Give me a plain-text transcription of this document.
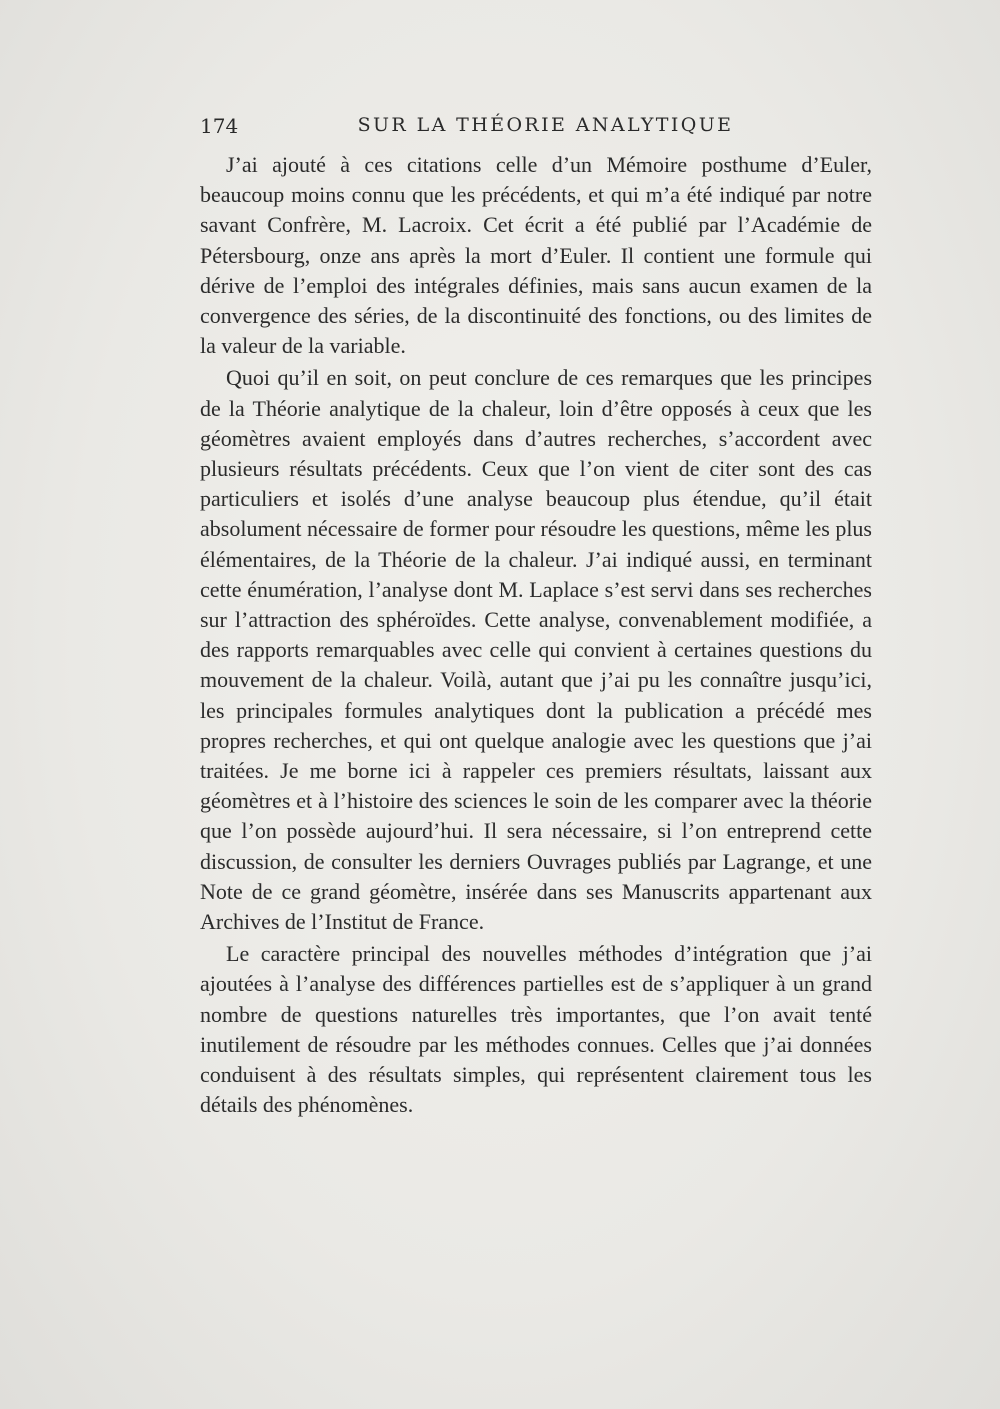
174	SUR LA THÉORIE ANALYTIQUE

J’ai ajouté à ces citations celle d’un Mémoire posthume d’Euler, beaucoup moins connu que les précédents, et qui m’a été indiqué par notre savant Confrère, M. Lacroix. Cet écrit a été publié par l’Académie de Pétersbourg, onze ans après la mort d’Euler. Il contient une formule qui dérive de l’emploi des intégrales définies, mais sans aucun examen de la convergence des séries, de la discontinuité des fonctions, ou des limites de la valeur de la variable.

Quoi qu’il en soit, on peut conclure de ces remarques que les principes de la Théorie analytique de la chaleur, loin d’être opposés à ceux que les géomètres avaient employés dans d’autres recherches, s’accordent avec plusieurs résultats précédents. Ceux que l’on vient de citer sont des cas particuliers et isolés d’une analyse beaucoup plus étendue, qu’il était absolument nécessaire de former pour résoudre les questions, même les plus élémentaires, de la Théorie de la chaleur. J’ai indiqué aussi, en terminant cette énumération, l’analyse dont M. Laplace s’est servi dans ses recherches sur l’attraction des sphéroïdes. Cette analyse, convenablement modifiée, a des rapports remarquables avec celle qui convient à certaines questions du mouvement de la chaleur. Voilà, autant que j’ai pu les connaître jusqu’ici, les principales formules analytiques dont la publication a précédé mes propres recherches, et qui ont quelque analogie avec les questions que j’ai traitées. Je me borne ici à rappeler ces premiers résultats, laissant aux géomètres et à l’histoire des sciences le soin de les comparer avec la théorie que l’on possède aujourd’hui. Il sera nécessaire, si l’on entreprend cette discussion, de consulter les derniers Ouvrages publiés par Lagrange, et une Note de ce grand géomètre, insérée dans ses Manuscrits appartenant aux Archives de l’Institut de France.

Le caractère principal des nouvelles méthodes d’intégration que j’ai ajoutées à l’analyse des différences partielles est de s’appliquer à un grand nombre de questions naturelles très importantes, que l’on avait tenté inutilement de résoudre par les méthodes connues. Celles que j’ai données conduisent à des résultats simples, qui représentent clairement tous les détails des phénomènes.
